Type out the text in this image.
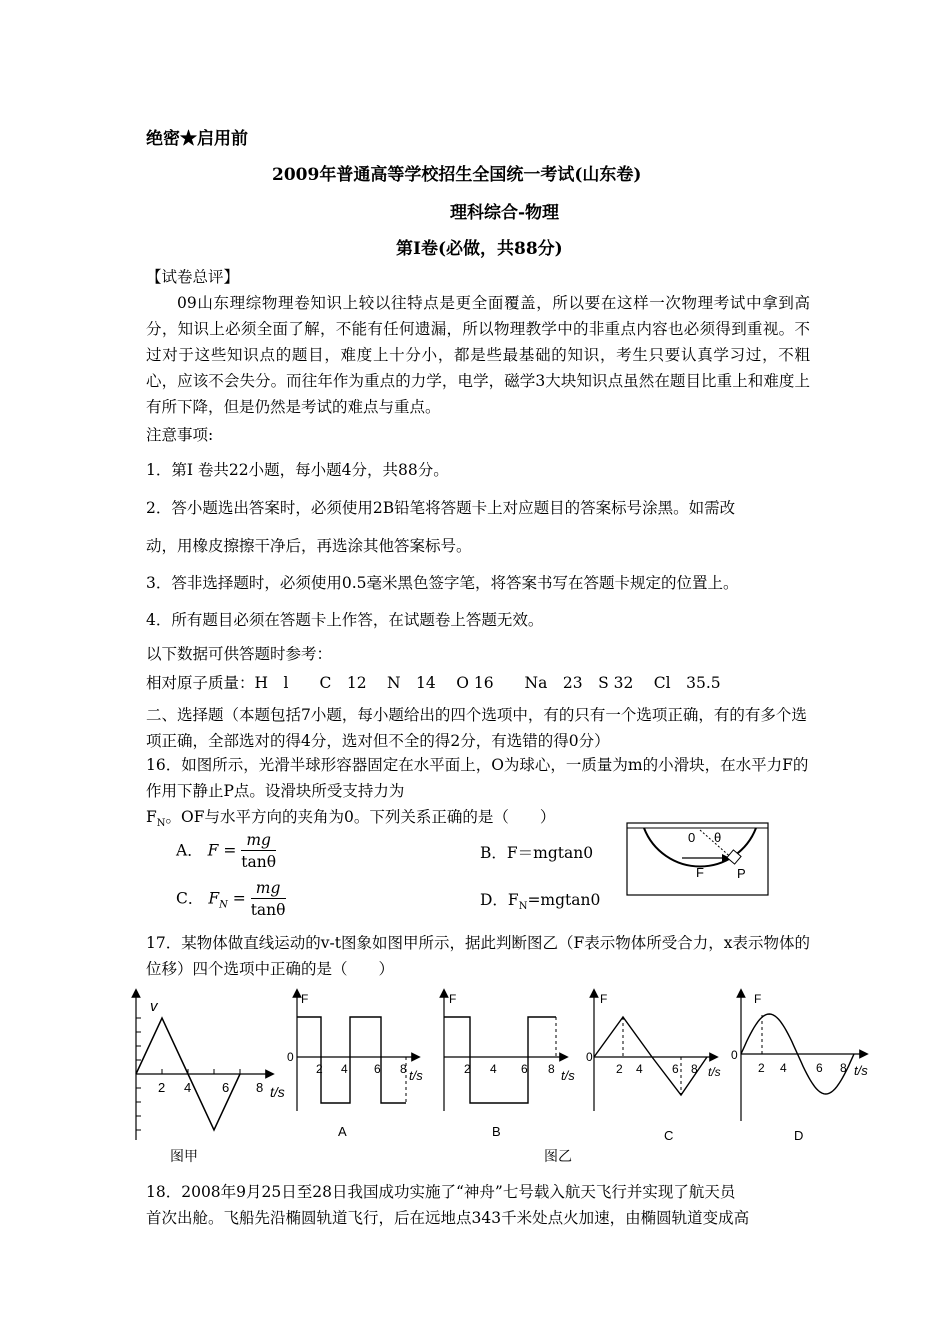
绝密★启用前
2009年普通高等学校招生全国统一考试(山东卷)
理科综合-物理
第Ⅰ卷(必做，共88分)
【试卷总评】
09山东理综物理卷知识上较以往特点是更全面覆盖，所以要在这样一次物理考试中拿到高分，知识上必须全面了解，不能有任何遗漏，所以物理教学中的非重点内容也必须得到重视。不过对于这些知识点的题目，难度上十分小，都是些最基础的知识，考生只要认真学习过，不粗心，应该不会失分。而往年作为重点的力学，电学，磁学3大块知识点虽然在题目比重上和难度上有所下降，但是仍然是考试的难点与重点。
注意事项:
1．第I 卷共22小题，每小题4分，共88分。
2．答小题选出答案时，必须使用2B铅笔将答题卡上对应题目的答案标号涂黑。如需改
动，用橡皮擦擦干净后，再选涂其他答案标号。
3．答非选择题时，必须使用0.5毫米黑色签字笔，将答案书写在答题卡规定的位置上。
4．所有题目必须在答题卡上作答，在试题卷上答题无效。
以下数据可供答题时参考：
相对原子质量：H　l　　C　12　 N　14　 O 16　　Na　23　S 32　 Cl　35.5
二、选择题（本题包括7小题，每小题给出的四个选项中，有的只有一个选项正确，有的有多个选项正确，全部选对的得4分，选对但不全的得2分，有选错的得0分）
16．如图所示，光滑半球形容器固定在水平面上，O为球心，一质量为m的小滑块，在水平力F的作用下静止P点。设滑块所受支持力为$F_N$。OF与水平方向的夹角为0。下列关系正确的是（　　）
A． $F = \frac{mg}{\tan\theta}$	B．F＝mgtan0
C． $F_N = \frac{mg}{\tan\theta}$	D．$F_N=mgtan0$
0 θ
F	P
17．某物体做直线运动的v-t图象如图甲所示，据此判断图乙（F表示物体所受合力，x表示物体的位移）四个选项中正确的是（　　）
v
2 4 6 8 t/s
图甲
F
0
2 4 6 8 t/s
A
F
2 4 6 8 t/s
B
F
0
2 4 6 8 t/s
C
F
0
2 4 6 8 t/s
D
图乙
18．2008年9月25日至28日我国成功实施了“神舟”七号载入航天飞行并实现了航天员
首次出舱。飞船先沿椭圆轨道飞行，后在远地点343千米处点火加速，由椭圆轨道变成高
